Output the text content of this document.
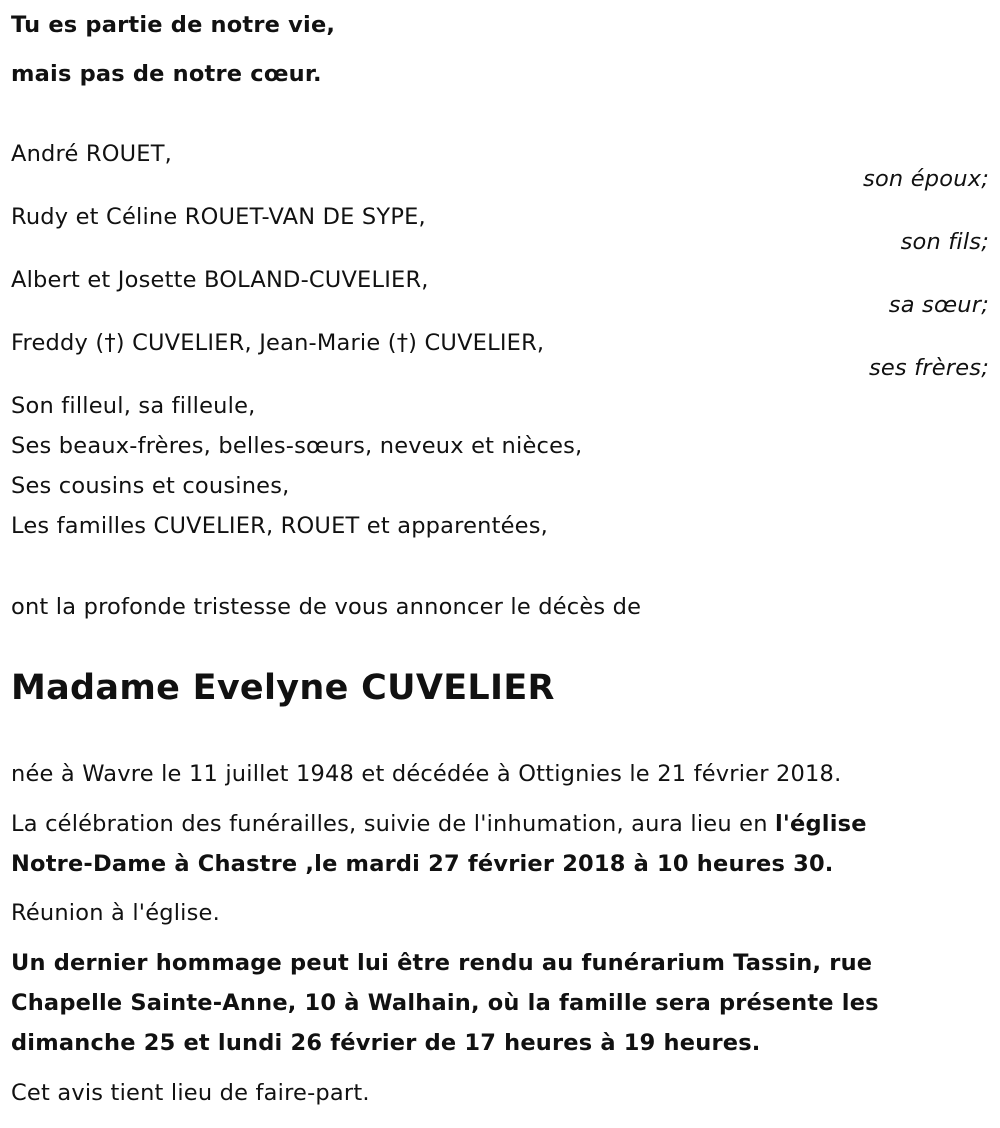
Tu es partie de notre vie,
mais pas de notre cœur.
André ROUET,
son époux;
Rudy et Céline ROUET-VAN DE SYPE,
son fils;
Albert et Josette BOLAND-CUVELIER,
sa sœur;
Freddy (†) CUVELIER, Jean-Marie (†) CUVELIER,
ses frères;
Son filleul, sa filleule,
Ses beaux-frères, belles-sœurs, neveux et nièces,
Ses cousins et cousines,
Les familles CUVELIER, ROUET et apparentées,
ont la profonde tristesse de vous annoncer le décès de
Madame Evelyne CUVELIER
née à Wavre le 11 juillet 1948 et décédée à Ottignies le 21 février 2018.
La célébration des funérailles, suivie de l'inhumation, aura lieu en l'église
Notre-Dame à Chastre ,le mardi 27 février 2018 à 10 heures 30.
Réunion à l'église.
Un dernier hommage peut lui être rendu au funérarium Tassin, rue
Chapelle Sainte-Anne, 10 à Walhain, où la famille sera présente les
dimanche 25 et lundi 26 février de 17 heures à 19 heures.
Cet avis tient lieu de faire-part.
